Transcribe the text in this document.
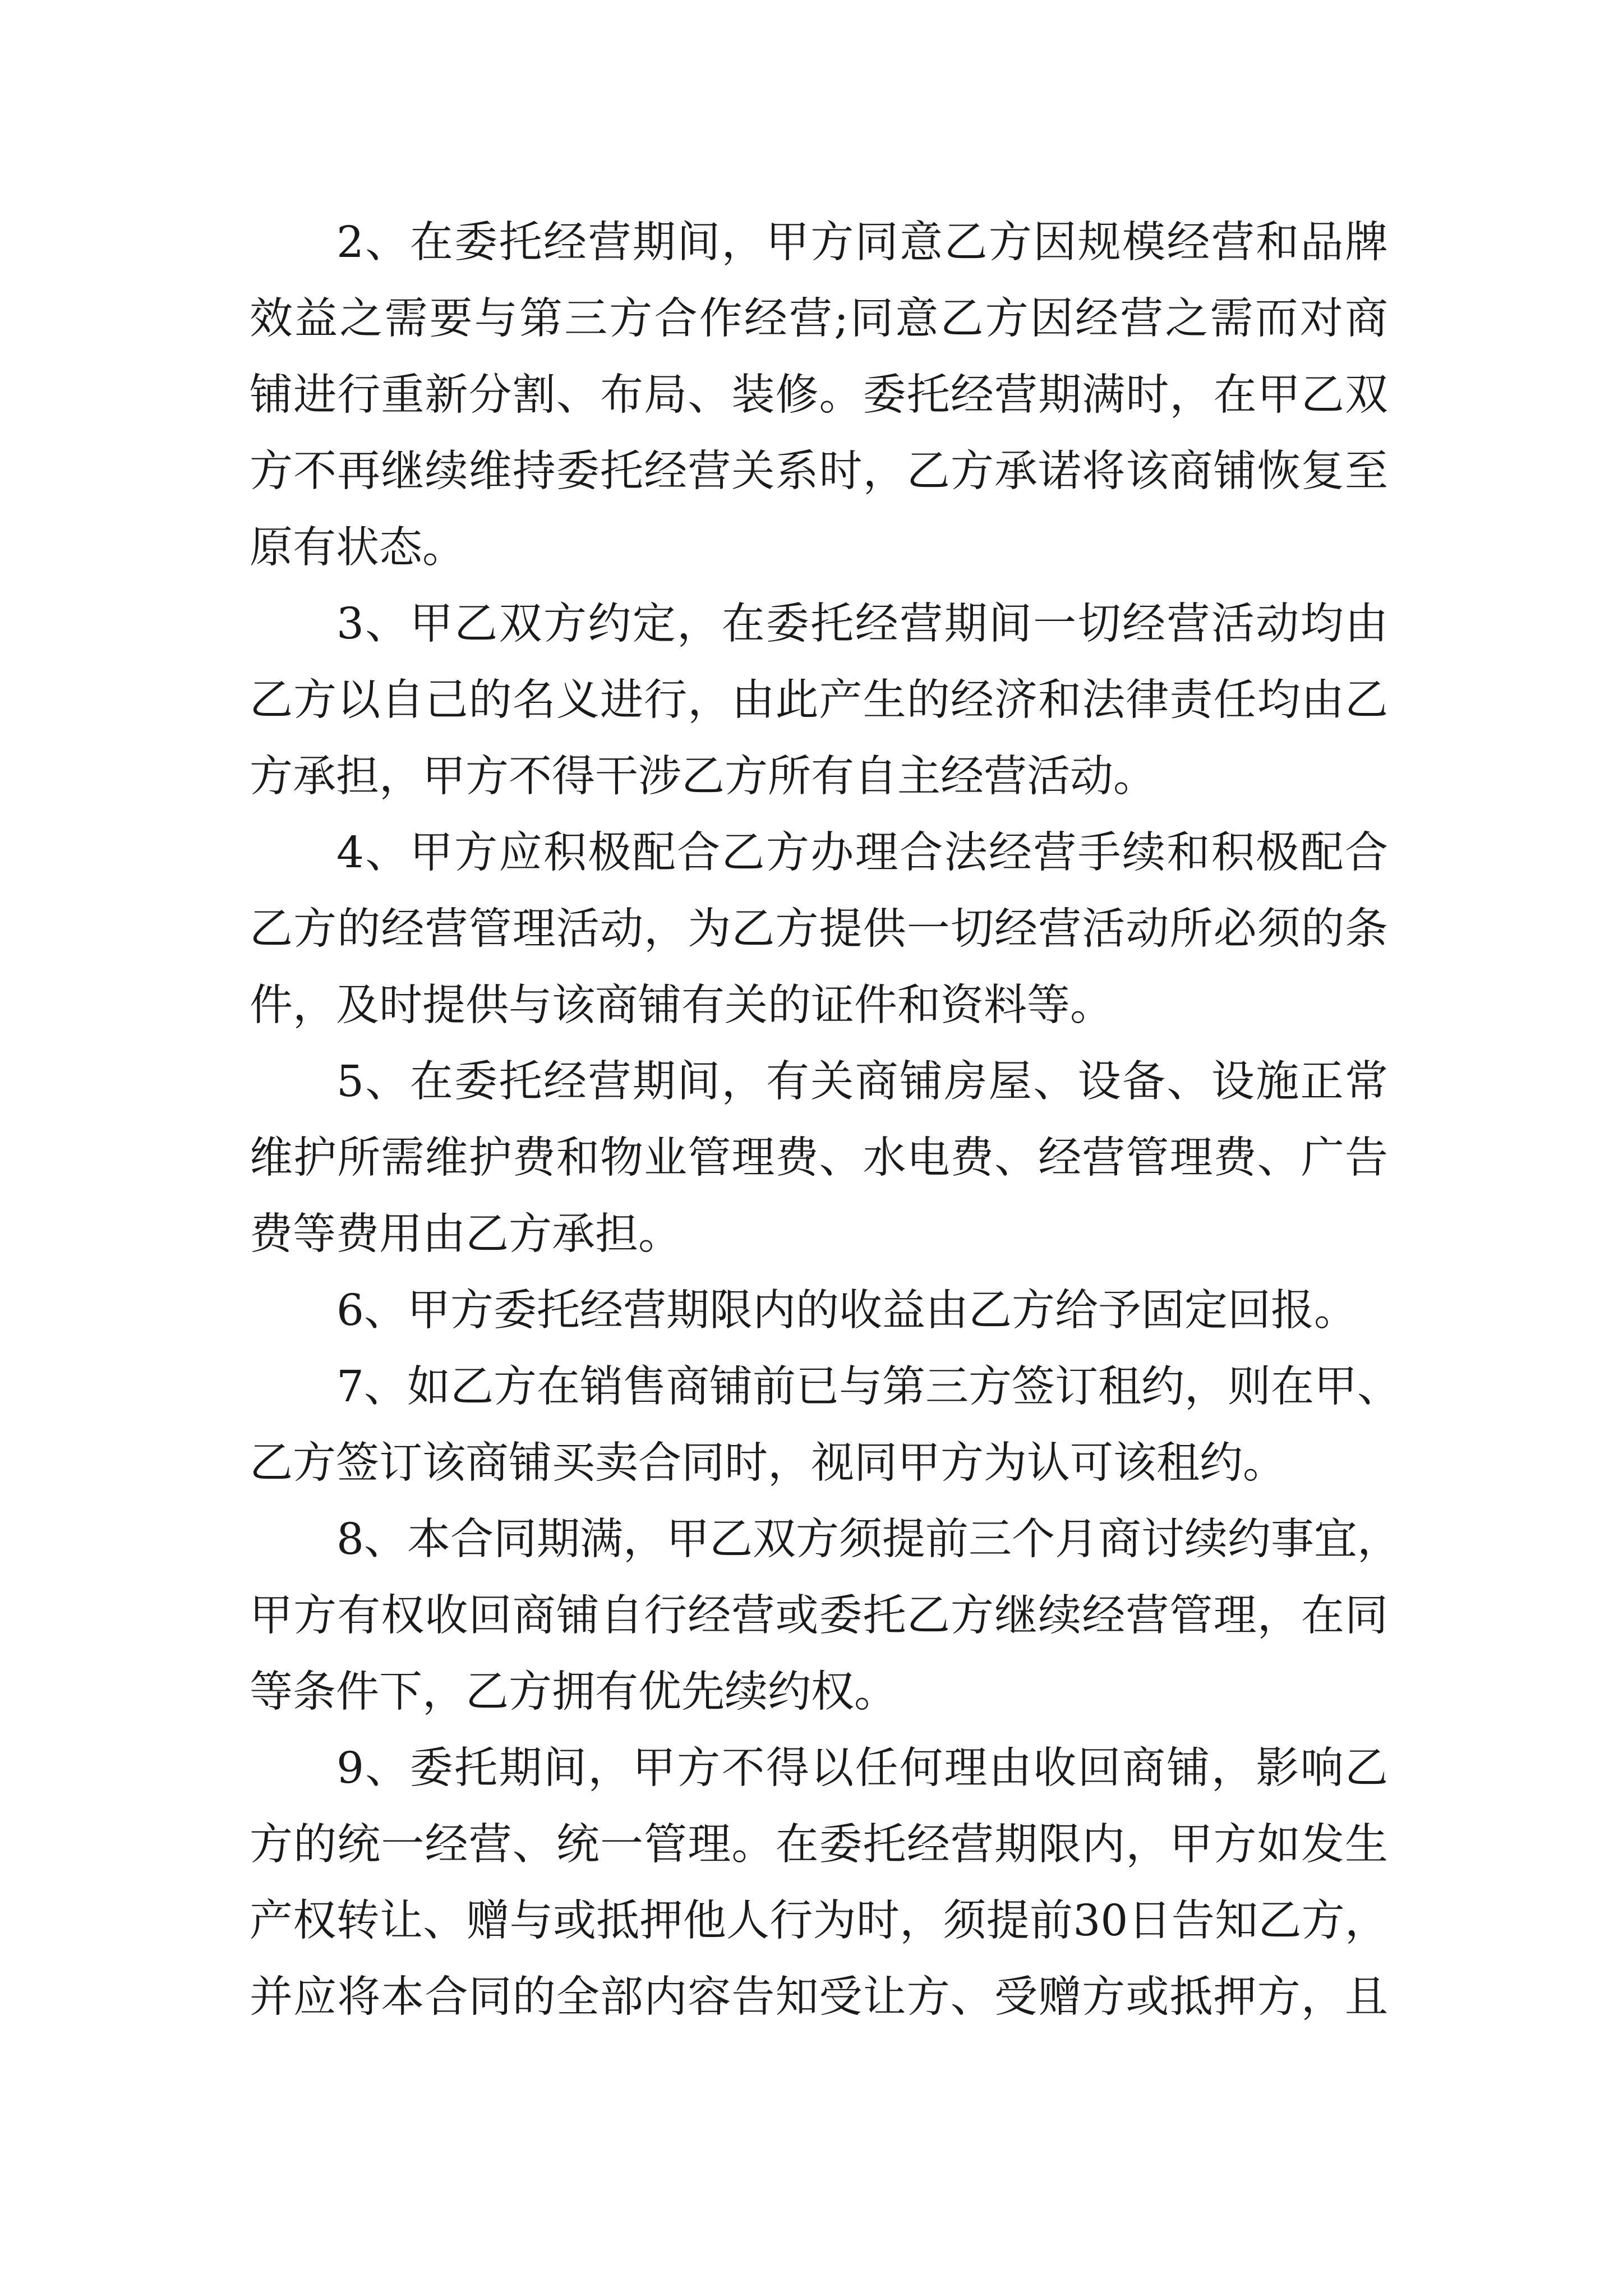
2、在委托经营期间，甲方同意乙方因规模经营和品牌
效益之需要与第三方合作经营;同意乙方因经营之需而对商
铺进行重新分割、布局、装修。委托经营期满时，在甲乙双
方不再继续维持委托经营关系时，乙方承诺将该商铺恢复至
原有状态。
3、甲乙双方约定，在委托经营期间一切经营活动均由
乙方以自己的名义进行，由此产生的经济和法律责任均由乙
方承担，甲方不得干涉乙方所有自主经营活动。
4、甲方应积极配合乙方办理合法经营手续和积极配合
乙方的经营管理活动，为乙方提供一切经营活动所必须的条
件，及时提供与该商铺有关的证件和资料等。
5、在委托经营期间，有关商铺房屋、设备、设施正常
维护所需维护费和物业管理费、水电费、经营管理费、广告
费等费用由乙方承担。
6、甲方委托经营期限内的收益由乙方给予固定回报。
7、如乙方在销售商铺前已与第三方签订租约，则在甲、
乙方签订该商铺买卖合同时，视同甲方为认可该租约。
8、本合同期满，甲乙双方须提前三个月商讨续约事宜，
甲方有权收回商铺自行经营或委托乙方继续经营管理，在同
等条件下，乙方拥有优先续约权。
9、委托期间，甲方不得以任何理由收回商铺，影响乙
方的统一经营、统一管理。在委托经营期限内，甲方如发生
产权转让、赠与或抵押他人行为时，须提前30日告知乙方，
并应将本合同的全部内容告知受让方、受赠方或抵押方，且
